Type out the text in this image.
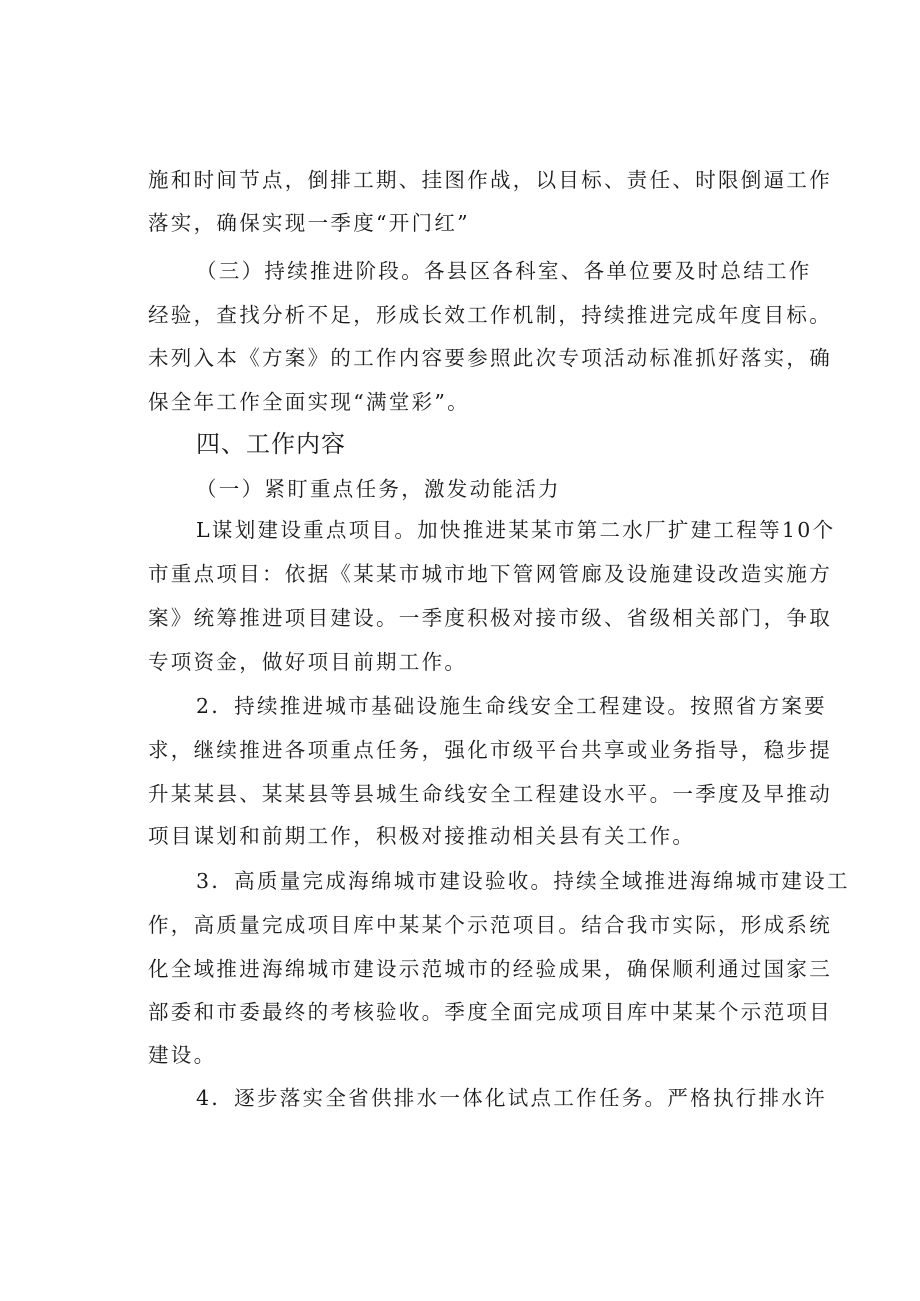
施和时间节点，倒排工期、挂图作战，以目标、责任、时限倒逼工作
落实，确保实现一季度“开门红”
（三）持续推进阶段。各县区各科室、各单位要及时总结工作
经验，查找分析不足，形成长效工作机制，持续推进完成年度目标。
未列入本《方案》的工作内容要参照此次专项活动标准抓好落实，确
保全年工作全面实现“满堂彩”。
四、工作内容
（一）紧盯重点任务，激发动能活力
L谋划建设重点项目。加快推进某某市第二水厂扩建工程等10个
市重点项目：依据《某某市城市地下管网管廊及设施建设改造实施方
案》统筹推进项目建设。一季度积极对接市级、省级相关部门，争取
专项资金，做好项目前期工作。
2．持续推进城市基础设施生命线安全工程建设。按照省方案要
求，继续推进各项重点任务，强化市级平台共享或业务指导，稳步提
升某某县、某某县等县城生命线安全工程建设水平。一季度及早推动
项目谋划和前期工作，积极对接推动相关县有关工作。
3．高质量完成海绵城市建设验收。持续全域推进海绵城市建设工
作，高质量完成项目库中某某个示范项目。结合我市实际，形成系统
化全域推进海绵城市建设示范城市的经验成果，确保顺利通过国家三
部委和市委最终的考核验收。季度全面完成项目库中某某个示范项目
建设。
4．逐步落实全省供排水一体化试点工作任务。严格执行排水许
